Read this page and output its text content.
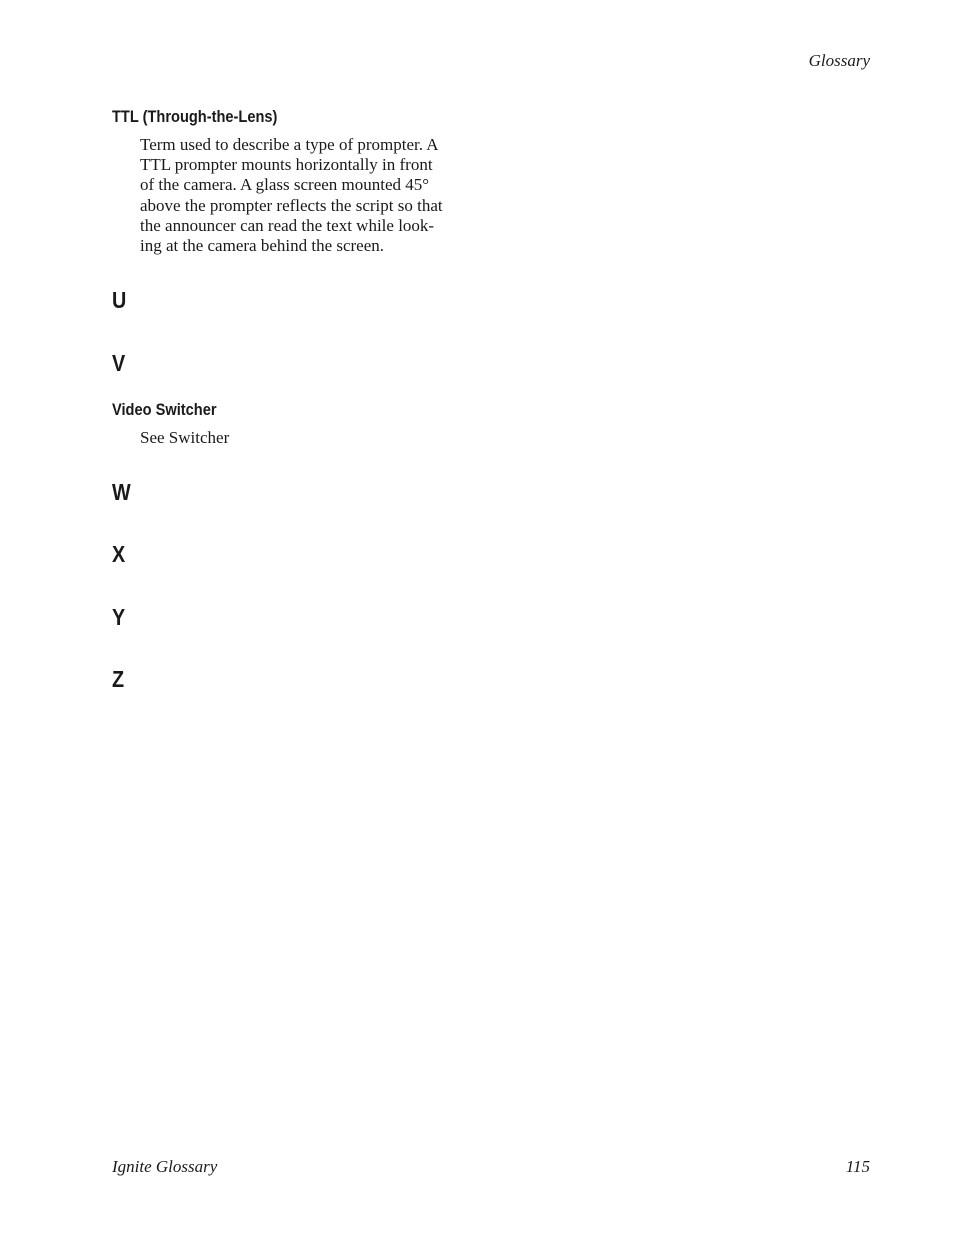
Glossary
TTL (Through-the-Lens)
Term used to describe a type of prompter. A
TTL prompter mounts horizontally in front
of the camera. A glass screen mounted 45°
above the prompter reflects the script so that
the announcer can read the text while look-
ing at the camera behind the screen.
U
V
Video Switcher
See Switcher
W
X
Y
Z
Ignite Glossary	115
